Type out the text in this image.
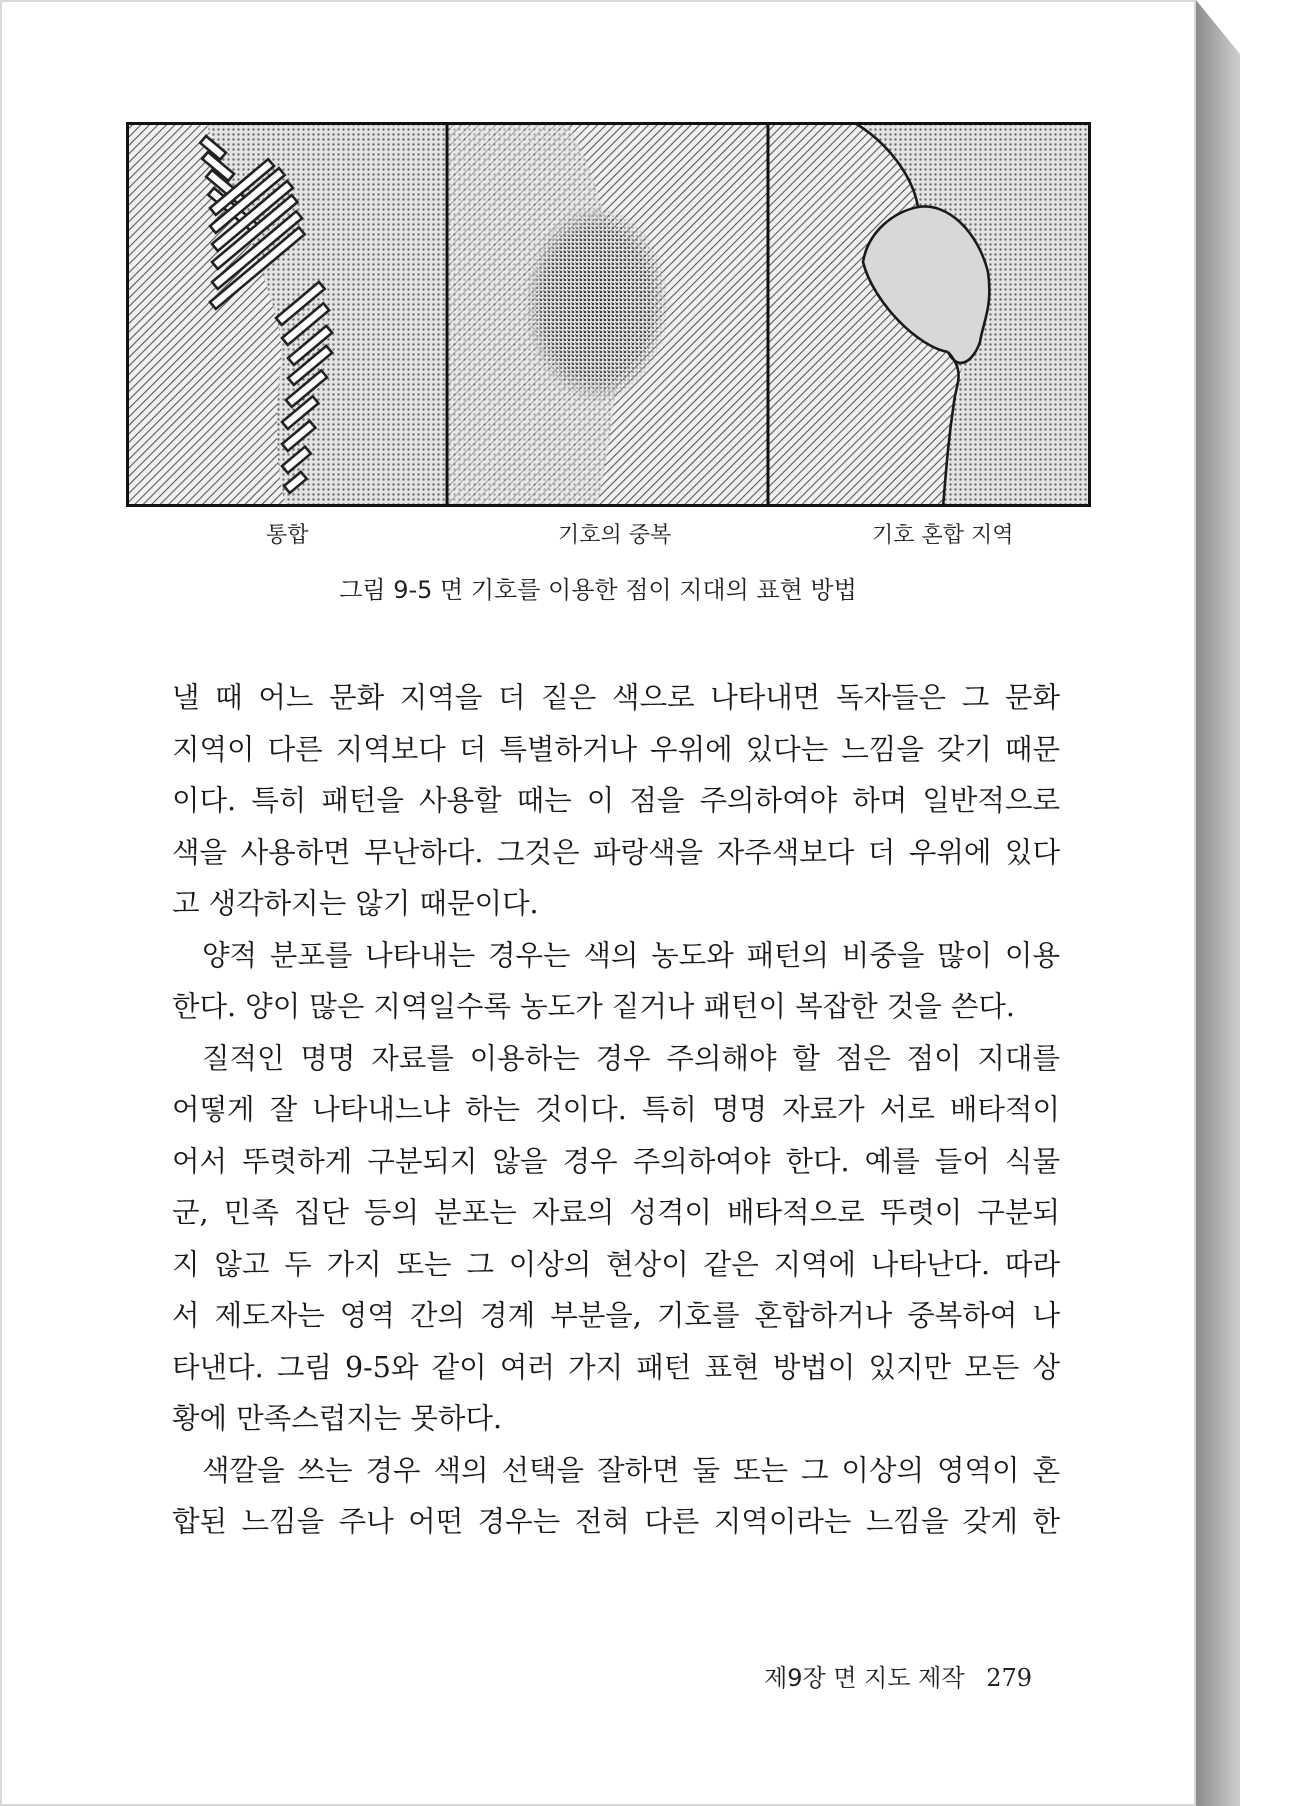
통합	기호의 중복	기호 혼합 지역
그림 9-5 면 기호를 이용한 점이 지대의 표현 방법
낼 때 어느 문화 지역을 더 짙은 색으로 나타내면 독자들은 그 문화
지역이 다른 지역보다 더 특별하거나 우위에 있다는 느낌을 갖기 때문
이다. 특히 패턴을 사용할 때는 이 점을 주의하여야 하며 일반적으로
색을 사용하면 무난하다. 그것은 파랑색을 자주색보다 더 우위에 있다
고 생각하지는 않기 때문이다.
양적 분포를 나타내는 경우는 색의 농도와 패턴의 비중을 많이 이용
한다. 양이 많은 지역일수록 농도가 짙거나 패턴이 복잡한 것을 쓴다.
질적인 명명 자료를 이용하는 경우 주의해야 할 점은 점이 지대를
어떻게 잘 나타내느냐 하는 것이다. 특히 명명 자료가 서로 배타적이
어서 뚜렷하게 구분되지 않을 경우 주의하여야 한다. 예를 들어 식물
군, 민족 집단 등의 분포는 자료의 성격이 배타적으로 뚜렷이 구분되
지 않고 두 가지 또는 그 이상의 현상이 같은 지역에 나타난다. 따라
서 제도자는 영역 간의 경계 부분을, 기호를 혼합하거나 중복하여 나
타낸다. 그림 9-5와 같이 여러 가지 패턴 표현 방법이 있지만 모든 상
황에 만족스럽지는 못하다.
색깔을 쓰는 경우 색의 선택을 잘하면 둘 또는 그 이상의 영역이 혼
합된 느낌을 주나 어떤 경우는 전혀 다른 지역이라는 느낌을 갖게 한
제9장 면 지도 제작 279
